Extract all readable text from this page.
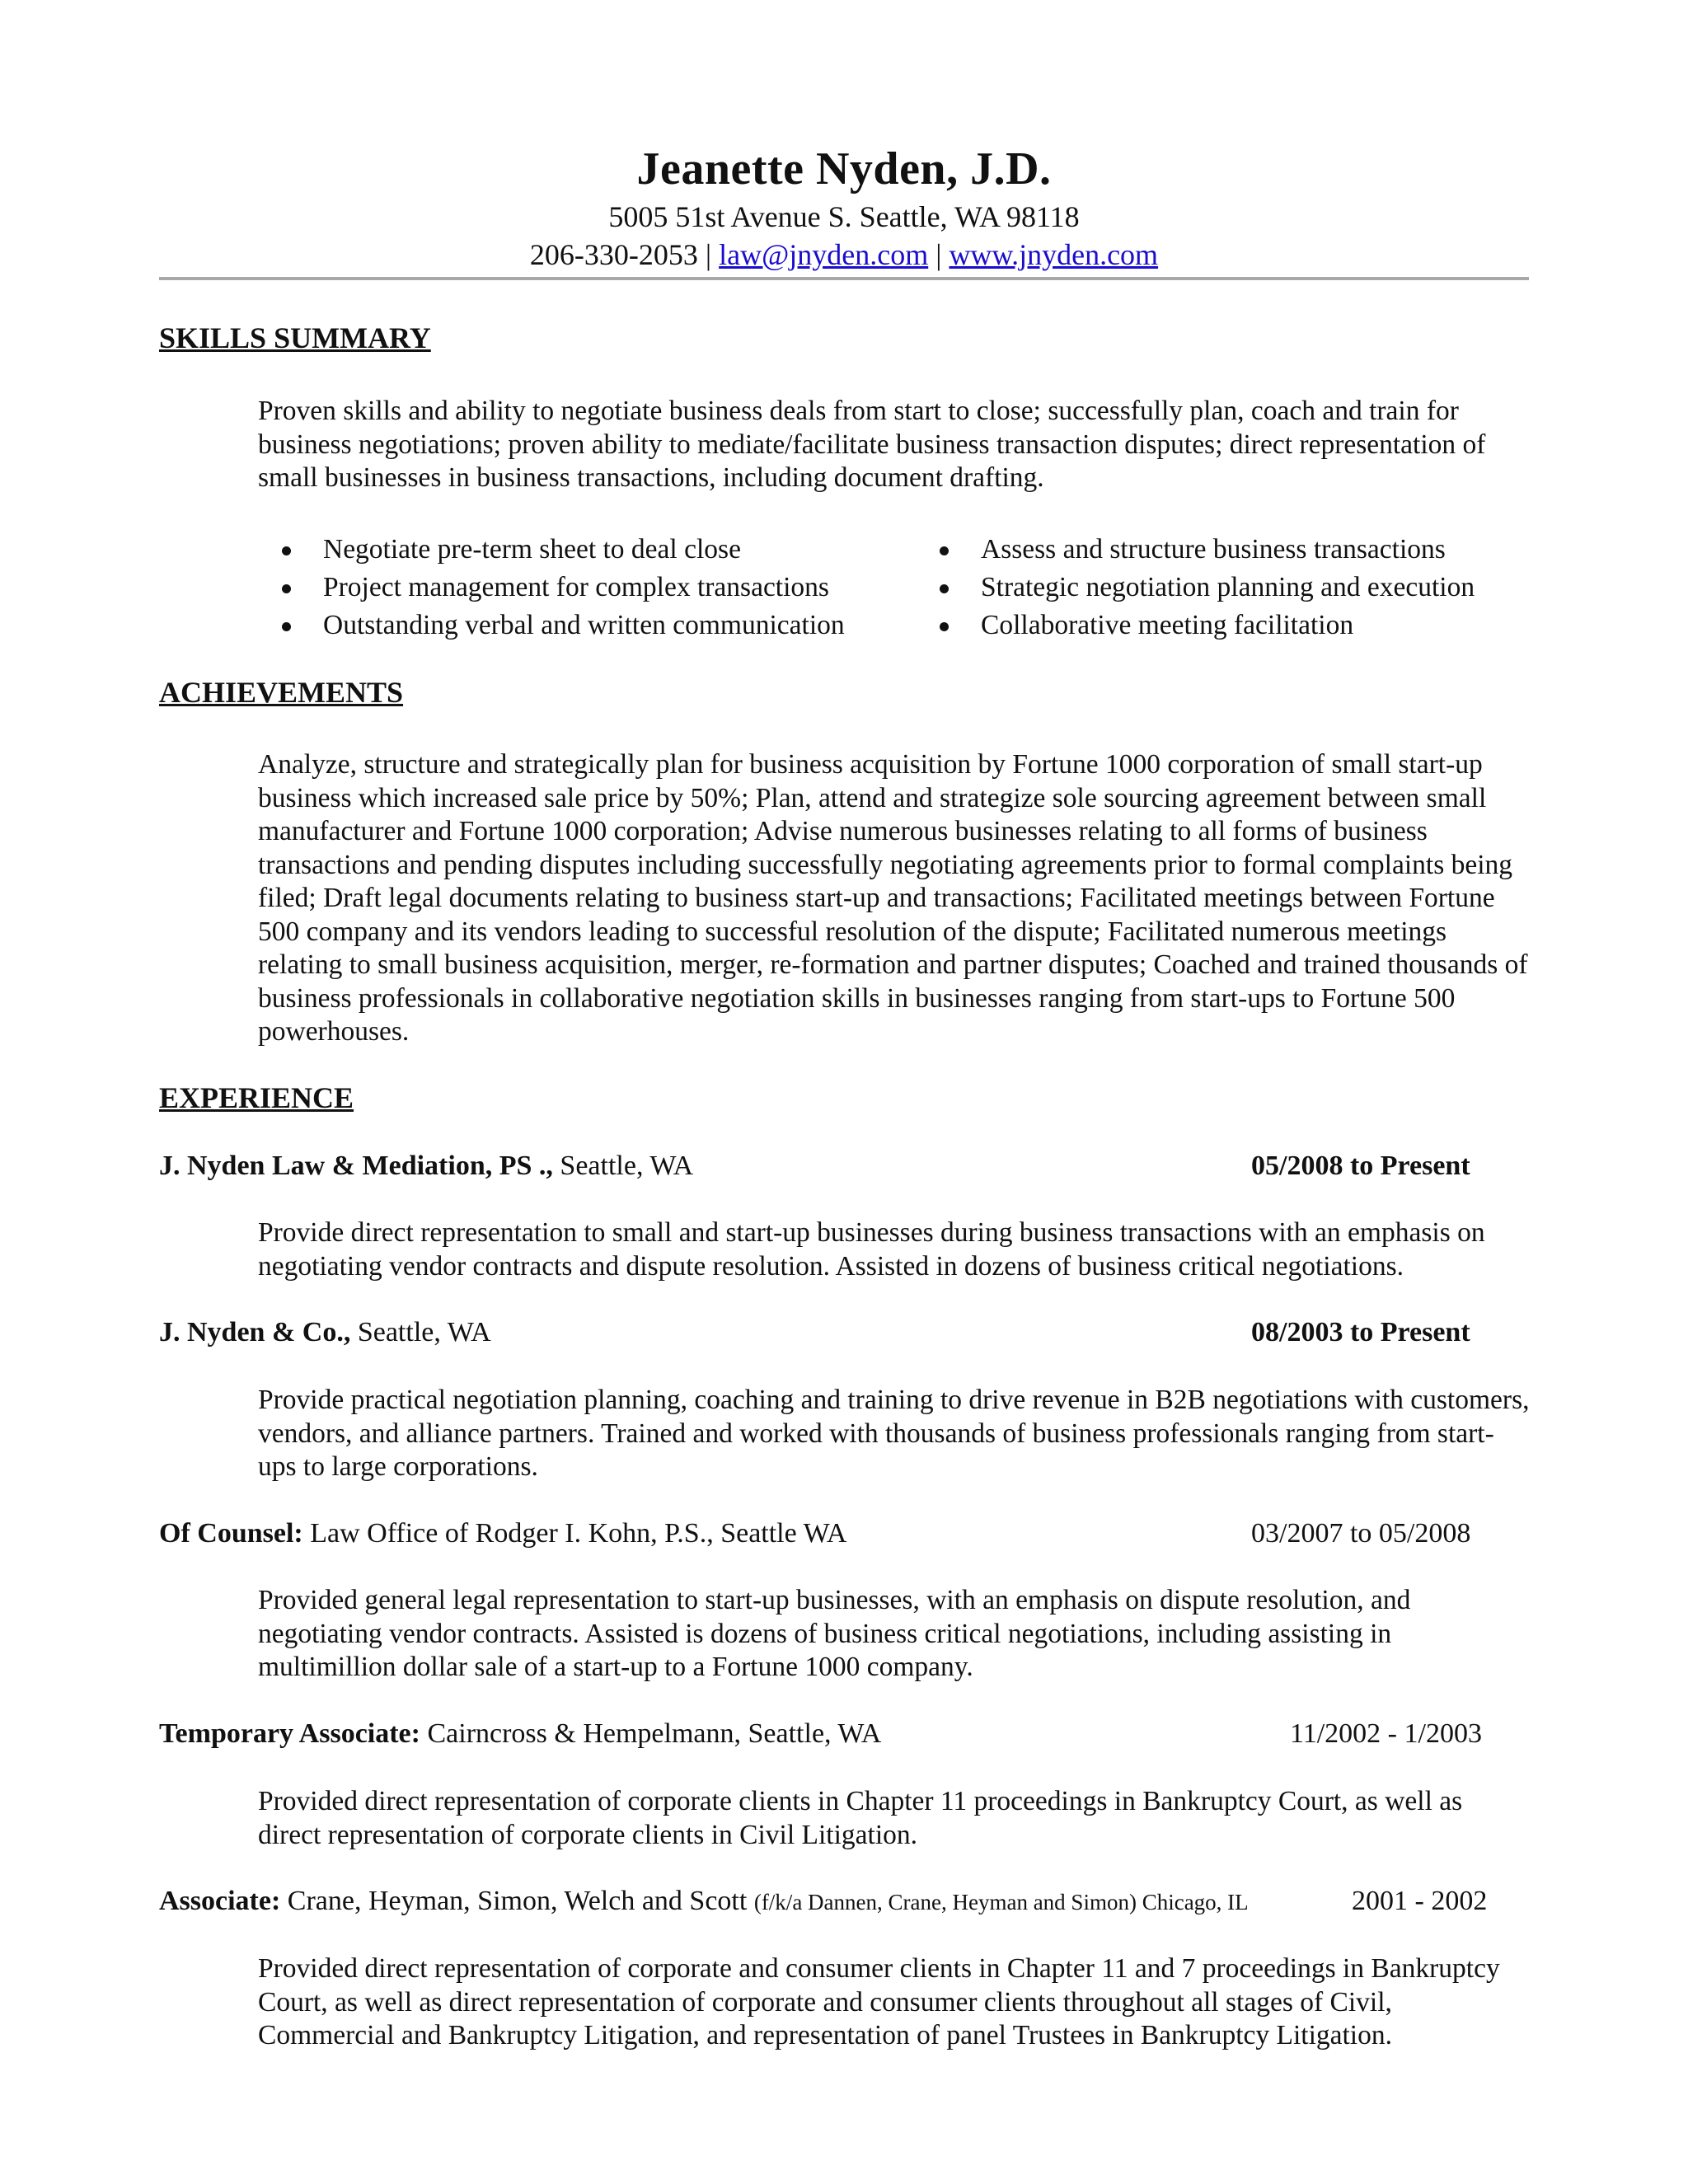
Jeanette Nyden, J.D.
5005 51st Avenue S. Seattle, WA 98118
206-330-2053 | law@jnyden.com | www.jnyden.com
SKILLS SUMMARY
Proven skills and ability to negotiate business deals from start to close; successfully plan, coach and train for business negotiations; proven ability to mediate/facilitate business transaction disputes; direct representation of small businesses in business transactions, including document drafting.
Negotiate pre-term sheet to deal close
Project management for complex transactions
Outstanding verbal and written communication
Assess and structure business transactions
Strategic negotiation planning and execution
Collaborative meeting facilitation
ACHIEVEMENTS
Analyze, structure and strategically plan for business acquisition by Fortune 1000 corporation of small start-up business which increased sale price by 50%; Plan, attend and strategize sole sourcing agreement between small manufacturer and Fortune 1000 corporation; Advise numerous businesses relating to all forms of business transactions and pending disputes including successfully negotiating agreements prior to formal complaints being filed; Draft legal documents relating to business start-up and transactions; Facilitated meetings between Fortune 500 company and its vendors leading to successful resolution of the dispute; Facilitated numerous meetings relating to small business acquisition, merger, re-formation and partner disputes; Coached and trained thousands of business professionals in collaborative negotiation skills in businesses ranging from start-ups to Fortune 500 powerhouses.
EXPERIENCE
J. Nyden Law & Mediation, PS ., Seattle, WA	05/2008 to Present
Provide direct representation to small and start-up businesses during business transactions with an emphasis on negotiating vendor contracts and dispute resolution. Assisted in dozens of business critical negotiations.
J. Nyden & Co., Seattle, WA	08/2003 to Present
Provide practical negotiation planning, coaching and training to drive revenue in B2B negotiations with customers, vendors, and alliance partners. Trained and worked with thousands of business professionals ranging from start-ups to large corporations.
Of Counsel: Law Office of Rodger I. Kohn, P.S., Seattle WA	03/2007 to 05/2008
Provided general legal representation to start-up businesses, with an emphasis on dispute resolution, and negotiating vendor contracts. Assisted is dozens of business critical negotiations, including assisting in multimillion dollar sale of a start-up to a Fortune 1000 company.
Temporary Associate: Cairncross & Hempelmann, Seattle, WA	11/2002 - 1/2003
Provided direct representation of corporate clients in Chapter 11 proceedings in Bankruptcy Court, as well as direct representation of corporate clients in Civil Litigation.
Associate: Crane, Heyman, Simon, Welch and Scott (f/k/a Dannen, Crane, Heyman and Simon) Chicago, IL	2001 - 2002
Provided direct representation of corporate and consumer clients in Chapter 11 and 7 proceedings in Bankruptcy Court, as well as direct representation of corporate and consumer clients throughout all stages of Civil, Commercial and Bankruptcy Litigation, and representation of panel Trustees in Bankruptcy Litigation.
